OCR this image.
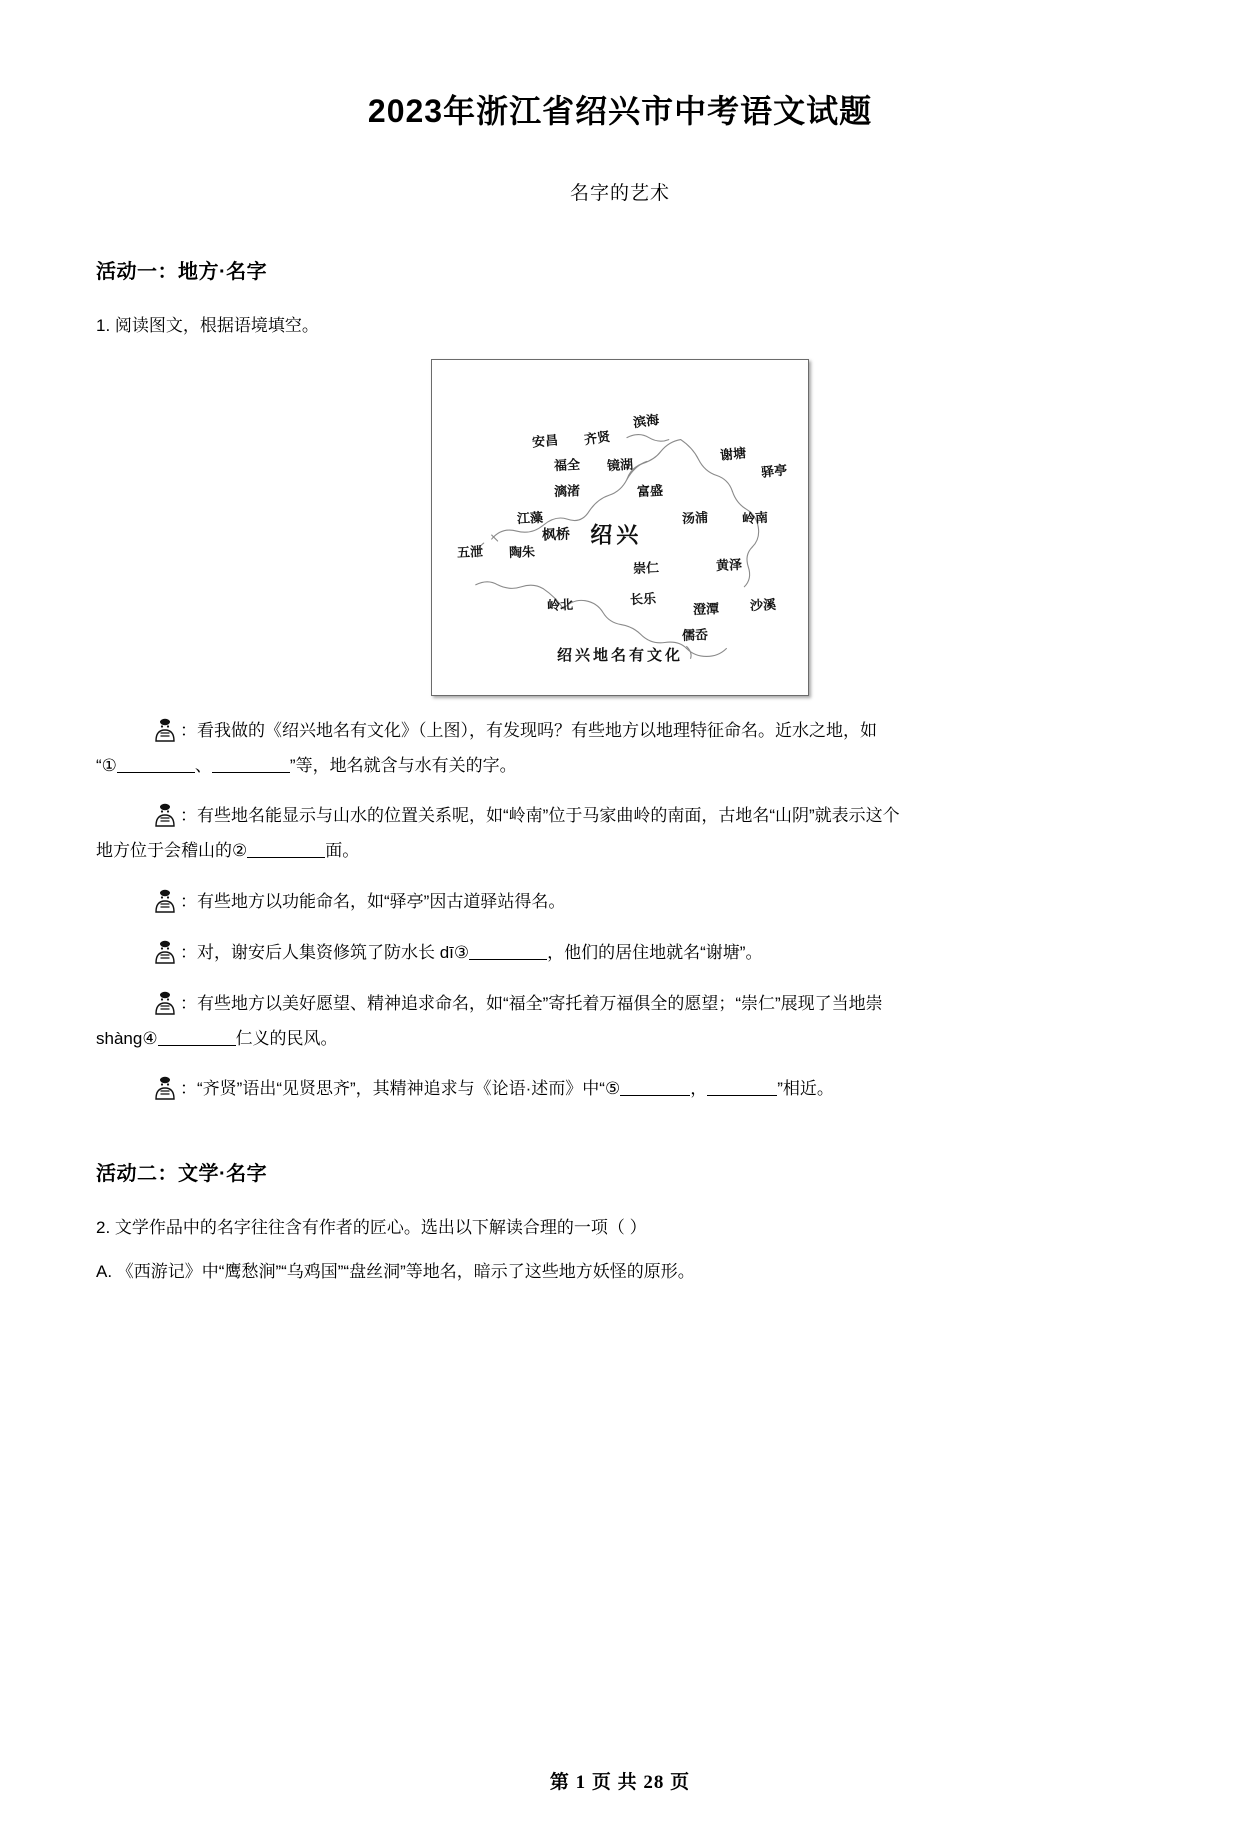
2023年浙江省绍兴市中考语文试题
名字的艺术
活动一：地方·名字
1. 阅读图文，根据语境填空。
滨海
安昌 齐贤
谢塘
福全 镜湖	驿亭
漓渚	富盛
江藻	汤浦	岭南
枫桥 绍兴
五泄 陶朱
崇仁	黄泽
岭北	长乐
澄潭 沙溪
儒岙
绍兴地名有文化
：看我做的《绍兴地名有文化》（上图），有发现吗？有些地方以地理特征命名。近水之地，如
“①	、	”等，地名就含与水有关的字。
：有些地名能显示与山水的位置关系呢，如“岭南”位于马家曲岭的南面，古地名“山阴”就表示这个
地方位于会稽山的②	面。
：有些地方以功能命名，如“驿亭”因古道驿站得名。
：对，谢安后人集资修筑了防水长 dī③	，他们的居住地就名“谢塘”。
：有些地方以美好愿望、精神追求命名，如“福全”寄托着万福俱全的愿望；“崇仁”展现了当地崇
shàng④	仁义的民风。
：“齐贤”语出“见贤思齐”，其精神追求与《论语·述而》中“⑤	，	”相近。
活动二：文学·名字
2. 文学作品中的名字往往含有作者的匠心。选出以下解读合理的一项（ ）
A. 《西游记》中“鹰愁涧”“乌鸡国”“盘丝洞”等地名，暗示了这些地方妖怪的原形。
第 1 页 共 28 页
